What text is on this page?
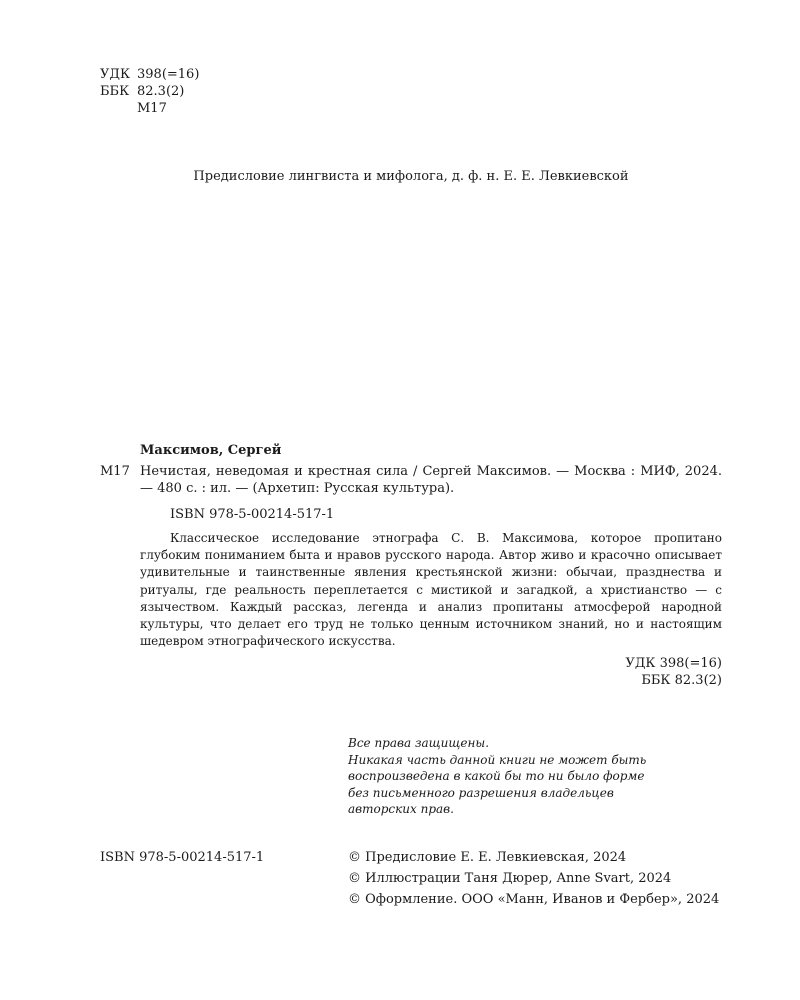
УДК 398(=16)
ББК 82.3(2)
М17
Предисловие лингвиста и мифолога, д. ф. н. Е. Е. Левкиевской
Максимов, Сергей
М17 Нечистая, неведомая и крестная сила / Сергей Максимов. — Москва : МИФ, 2024. — 480 с. : ил. — (Архетип: Русская культура).
ISBN 978-5-00214-517-1
Классическое исследование этнографа С. В. Максимова, которое пропитано глубоким пониманием быта и нравов русского народа. Автор живо и красочно описывает удивительные и таинственные явления крестьянской жизни: обычаи, празднества и ритуалы, где реальность переплетается с мистикой и загадкой, а христианство — с язычеством. Каждый рассказ, легенда и анализ пропитаны атмосферой народной культуры, что делает его труд не только ценным источником знаний, но и настоящим шедевром этнографического искусства.
УДК 398(=16)
ББК 82.3(2)
Все права защищены.
Никакая часть данной книги не может быть
воспроизведена в какой бы то ни было форме
без письменного разрешения владельцев
авторских прав.
ISBN 978-5-00214-517-1	© Предисловие Е. Е. Левкиевская, 2024
© Иллюстрации Таня Дюрер, Anne Svart, 2024
© Оформление. ООО «Манн, Иванов и Фербер», 2024
